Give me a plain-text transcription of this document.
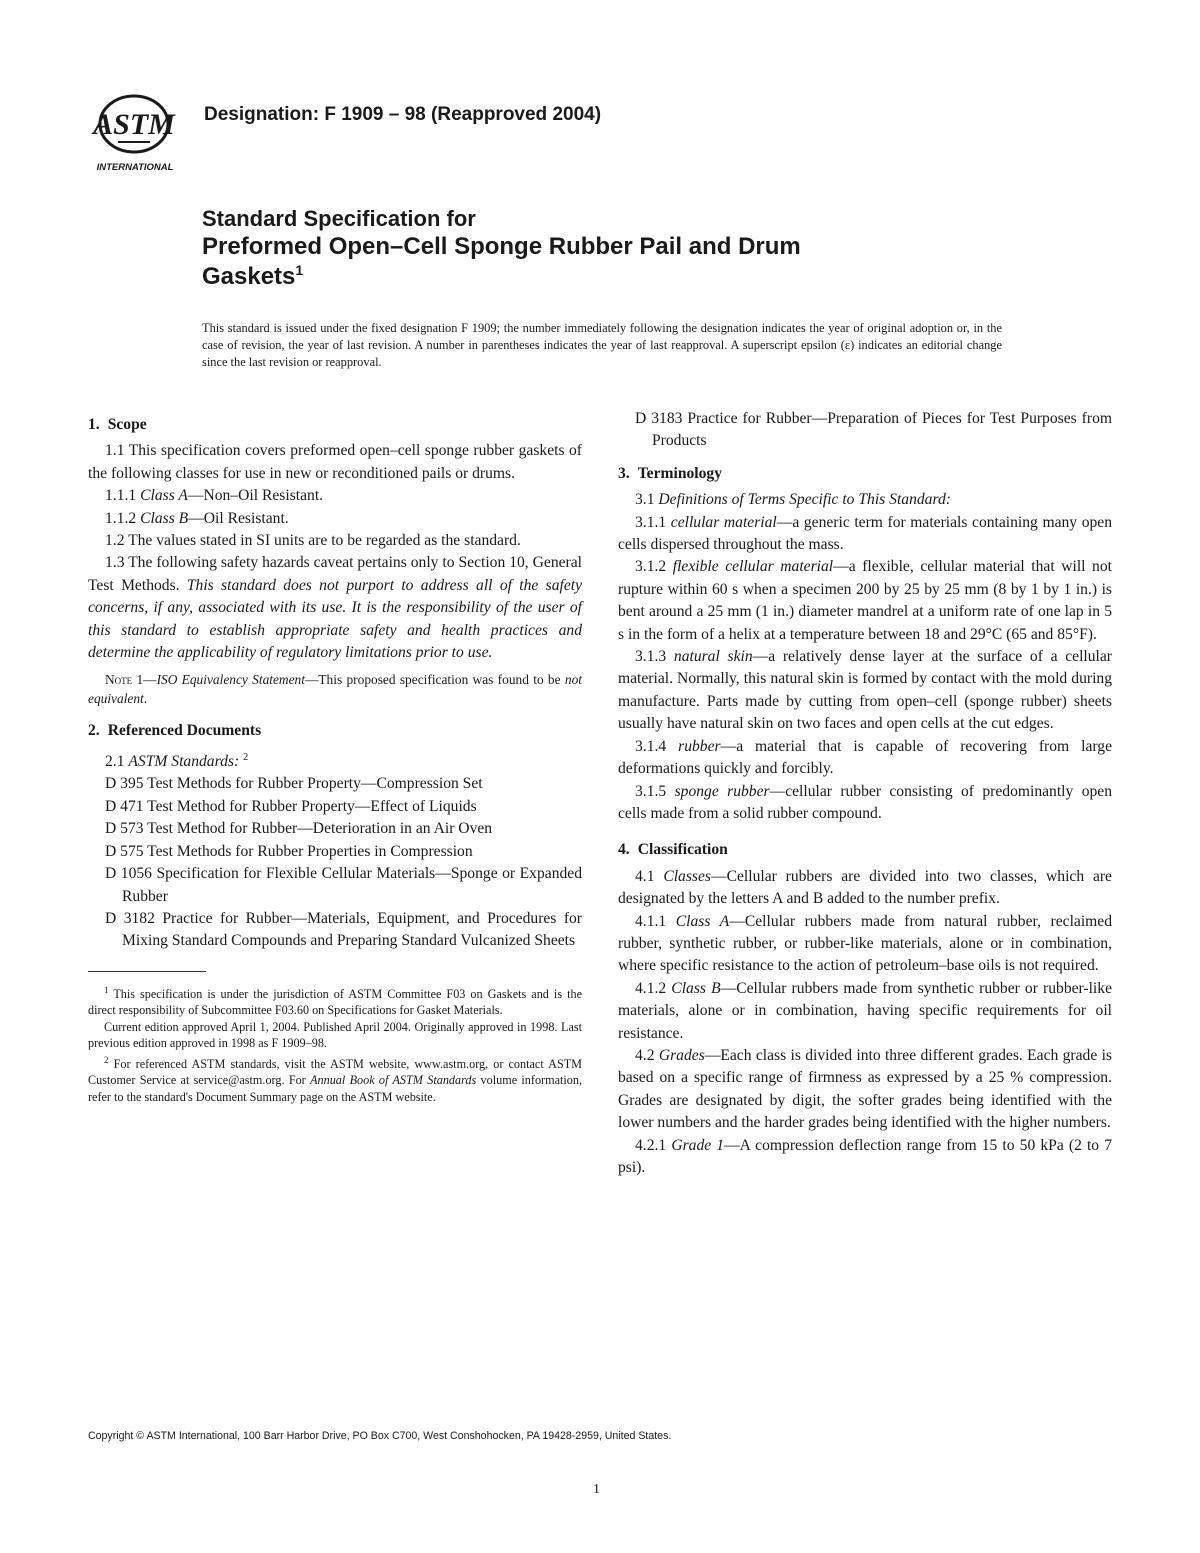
ASTM
INTERNATIONAL
Designation: F 1909 – 98 (Reapproved 2004)
Standard Specification for
Preformed Open–Cell Sponge Rubber Pail and Drum
Gaskets$^1$
This standard is issued under the fixed designation F 1909; the number immediately following the designation indicates the year of original adoption or, in the case of revision, the year of last revision. A number in parentheses indicates the year of last reapproval. A superscript epsilon (ε) indicates an editorial change since the last revision or reapproval.
1. Scope
1.1 This specification covers preformed open–cell sponge rubber gaskets of the following classes for use in new or reconditioned pails or drums.
1.1.1 Class A—Non–Oil Resistant.
1.1.2 Class B—Oil Resistant.
1.2 The values stated in SI units are to be regarded as the standard.
1.3 The following safety hazards caveat pertains only to Section 10, General Test Methods. This standard does not purport to address all of the safety concerns, if any, associated with its use. It is the responsibility of the user of this standard to establish appropriate safety and health practices and determine the applicability of regulatory limitations prior to use.
Note 1—ISO Equivalency Statement—This proposed specification was found to be not equivalent.
2. Referenced Documents
2.1 ASTM Standards: $^2$
D 395 Test Methods for Rubber Property—Compression Set
D 471 Test Method for Rubber Property—Effect of Liquids
D 573 Test Method for Rubber—Deterioration in an Air Oven
D 575 Test Methods for Rubber Properties in Compression
D 1056 Specification for Flexible Cellular Materials—Sponge or Expanded Rubber
D 3182 Practice for Rubber—Materials, Equipment, and Procedures for Mixing Standard Compounds and Preparing Standard Vulcanized Sheets
$^1$ This specification is under the jurisdiction of ASTM Committee F03 on Gaskets and is the direct responsibility of Subcommittee F03.60 on Specifications for Gasket Materials.
Current edition approved April 1, 2004. Published April 2004. Originally approved in 1998. Last previous edition approved in 1998 as F 1909–98.
$^2$ For referenced ASTM standards, visit the ASTM website, www.astm.org, or contact ASTM Customer Service at service@astm.org. For Annual Book of ASTM Standards volume information, refer to the standard's Document Summary page on the ASTM website.
D 3183 Practice for Rubber—Preparation of Pieces for Test Purposes from Products
3. Terminology
3.1 Definitions of Terms Specific to This Standard:
3.1.1 cellular material—a generic term for materials containing many open cells dispersed throughout the mass.
3.1.2 flexible cellular material—a flexible, cellular material that will not rupture within 60 s when a specimen 200 by 25 by 25 mm (8 by 1 by 1 in.) is bent around a 25 mm (1 in.) diameter mandrel at a uniform rate of one lap in 5 s in the form of a helix at a temperature between 18 and 29°C (65 and 85°F).
3.1.3 natural skin—a relatively dense layer at the surface of a cellular material. Normally, this natural skin is formed by contact with the mold during manufacture. Parts made by cutting from open–cell (sponge rubber) sheets usually have natural skin on two faces and open cells at the cut edges.
3.1.4 rubber—a material that is capable of recovering from large deformations quickly and forcibly.
3.1.5 sponge rubber—cellular rubber consisting of predominantly open cells made from a solid rubber compound.
4. Classification
4.1 Classes—Cellular rubbers are divided into two classes, which are designated by the letters A and B added to the number prefix.
4.1.1 Class A—Cellular rubbers made from natural rubber, reclaimed rubber, synthetic rubber, or rubber-like materials, alone or in combination, where specific resistance to the action of petroleum–base oils is not required.
4.1.2 Class B—Cellular rubbers made from synthetic rubber or rubber-like materials, alone or in combination, having specific requirements for oil resistance.
4.2 Grades—Each class is divided into three different grades. Each grade is based on a specific range of firmness as expressed by a 25 % compression. Grades are designated by digit, the softer grades being identified with the lower numbers and the harder grades being identified with the higher numbers.
4.2.1 Grade 1—A compression deflection range from 15 to 50 kPa (2 to 7 psi).
Copyright © ASTM International, 100 Barr Harbor Drive, PO Box C700, West Conshohocken, PA 19428-2959, United States.
1
